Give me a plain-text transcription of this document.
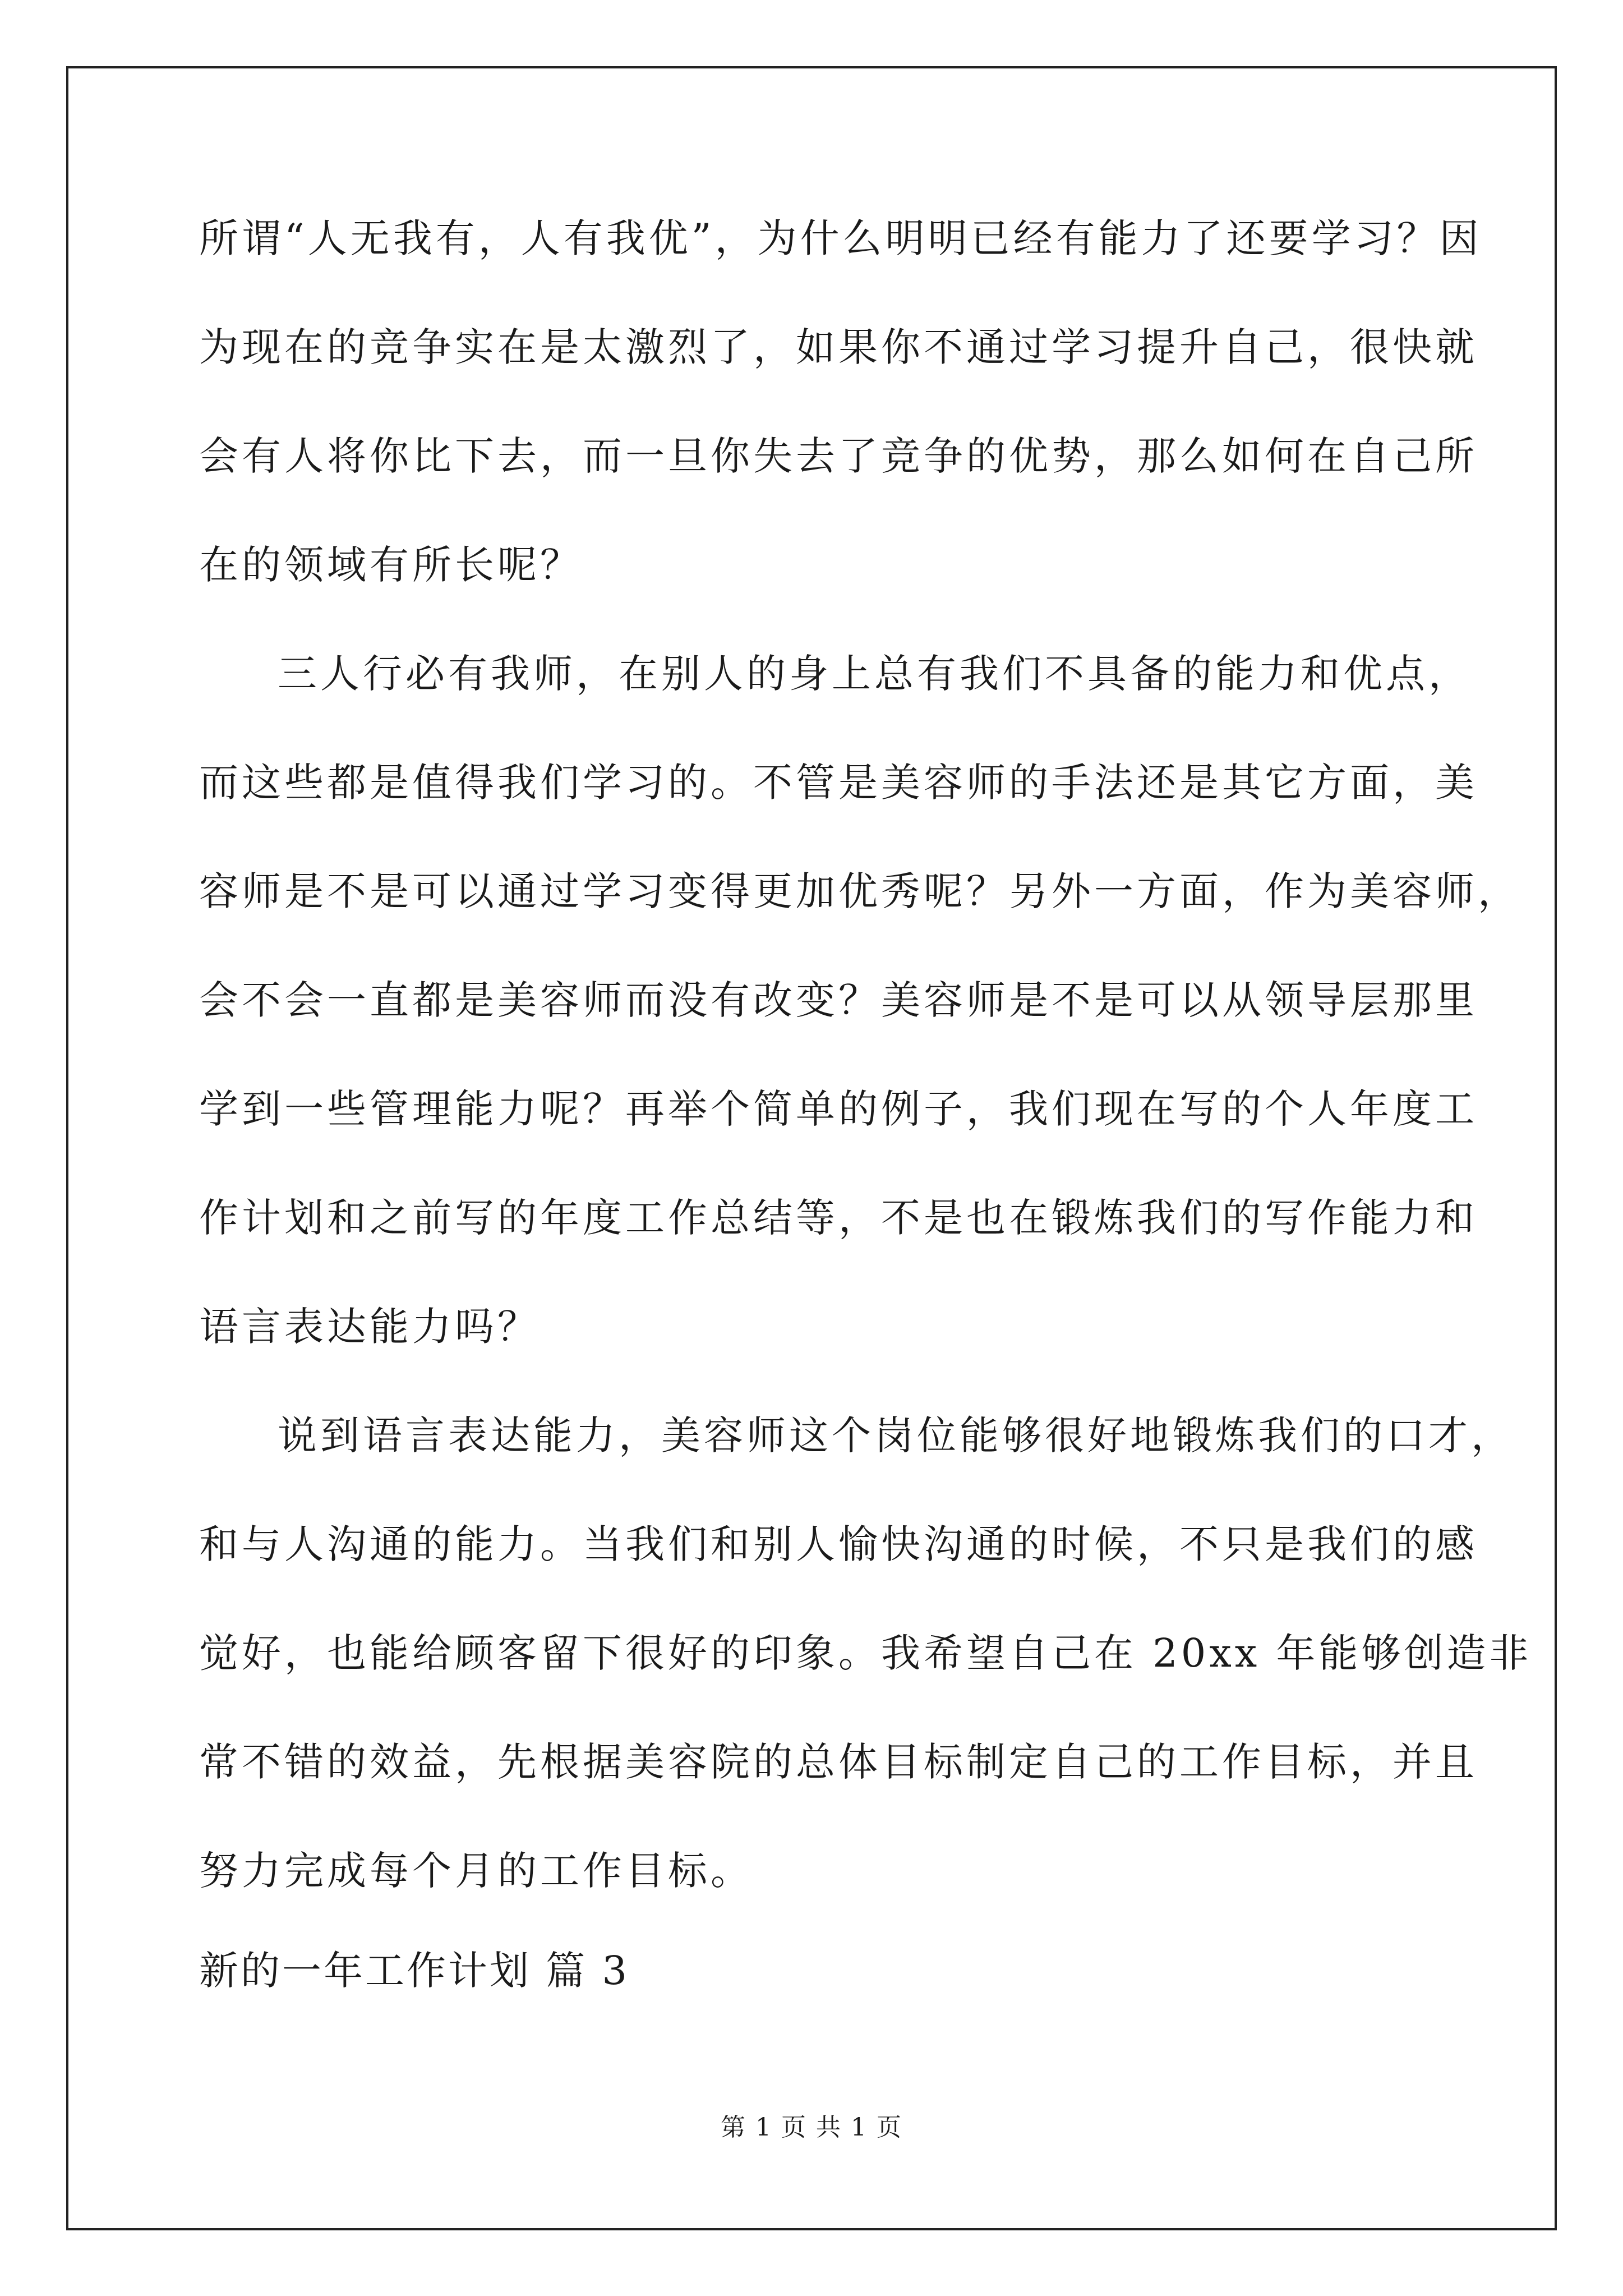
所谓“人无我有，人有我优”，为什么明明已经有能力了还要学习？因
为现在的竞争实在是太激烈了，如果你不通过学习提升自己，很快就
会有人将你比下去，而一旦你失去了竞争的优势，那么如何在自己所
在的领域有所长呢？
三人行必有我师，在别人的身上总有我们不具备的能力和优点，
而这些都是值得我们学习的。不管是美容师的手法还是其它方面，美
容师是不是可以通过学习变得更加优秀呢？另外一方面，作为美容师，
会不会一直都是美容师而没有改变？美容师是不是可以从领导层那里
学到一些管理能力呢？再举个简单的例子，我们现在写的个人年度工
作计划和之前写的年度工作总结等，不是也在锻炼我们的写作能力和
语言表达能力吗？
说到语言表达能力，美容师这个岗位能够很好地锻炼我们的口才，
和与人沟通的能力。当我们和别人愉快沟通的时候，不只是我们的感
觉好，也能给顾客留下很好的印象。我希望自己在 20xx 年能够创造非
常不错的效益，先根据美容院的总体目标制定自己的工作目标，并且
努力完成每个月的工作目标。
新的一年工作计划 篇 3
第 1 页 共 1 页
